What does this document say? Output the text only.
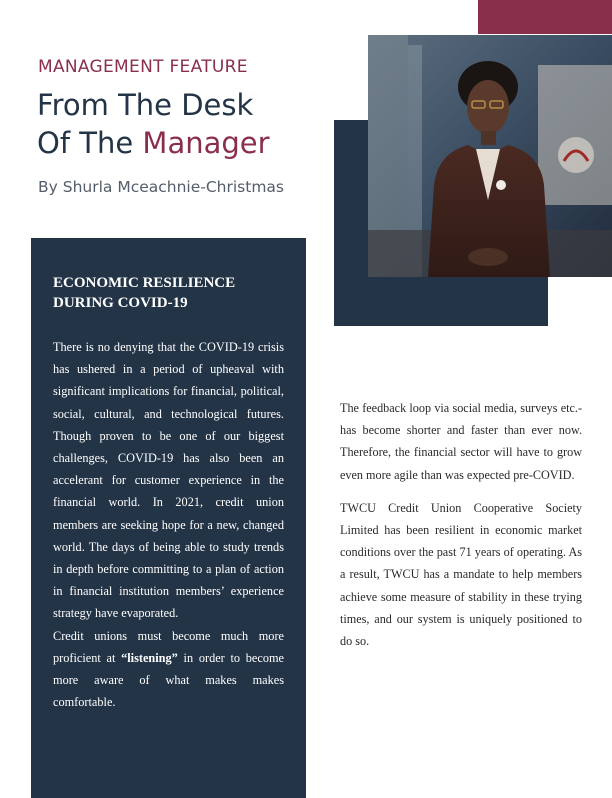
MANAGEMENT FEATURE
From The Desk
Of The Manager
By Shurla Mceachnie-Christmas
ECONOMIC RESILIENCE
DURING COVID-19

There is no denying that the COVID-19 crisis has ushered in a period of upheaval with significant implications for financial, political, social, cultural, and technological futures. Though proven to be one of our biggest challenges, COVID-19 has also been an accelerant for customer experience in the financial world. In 2021, credit union members are seeking hope for a new, changed world. The days of being able to study trends in depth before committing to a plan of action in financial institution members’ experience strategy have evaporated.

Credit unions must become much more proficient at “listening” in order to become more aware of what makes makes comfortable.

The feedback loop via social media, surveys etc.- has become shorter and faster than ever now. Therefore, the financial sector will have to grow even more agile than was expected pre-COVID.

TWCU Credit Union Cooperative Society Limited has been resilient in economic market conditions over the past 71 years of operating. As a result, TWCU has a mandate to help members achieve some measure of stability in these trying times, and our system is uniquely positioned to do so.
